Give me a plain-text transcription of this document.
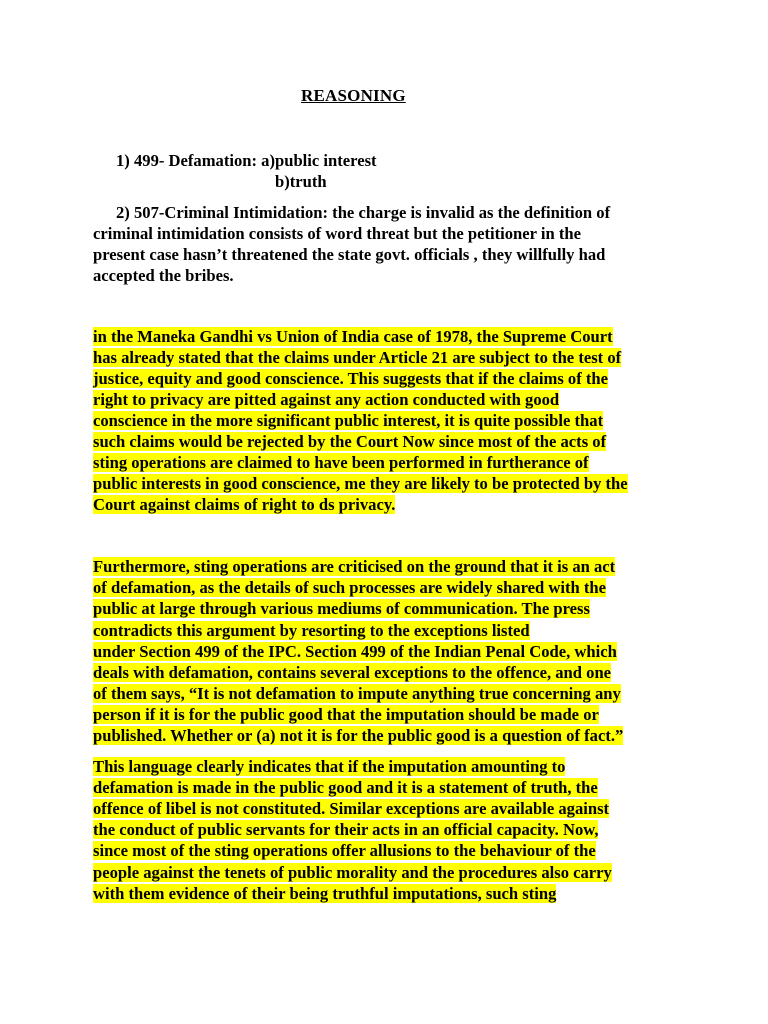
REASONING
1) 499- Defamation: a)public interest
b)truth
2) 507-Criminal Intimidation: the charge is invalid as the definition of
criminal intimidation consists of word threat but the petitioner in the
present case hasn’t threatened the state govt. officials , they willfully had
accepted the bribes.
in the Maneka Gandhi vs Union of India case of 1978, the Supreme Court
has already stated that the claims under Article 21 are subject to the test of
justice, equity and good conscience. This suggests that if the claims of the
right to privacy are pitted against any action conducted with good
conscience in the more significant public interest, it is quite possible that
such claims would be rejected by the Court Now since most of the acts of
sting operations are claimed to have been performed in furtherance of
public interests in good conscience, me they are likely to be protected by the
Court against claims of right to ds privacy.
Furthermore, sting operations are criticised on the ground that it is an act
of defamation, as the details of such processes are widely shared with the
public at large through various mediums of communication. The press
contradicts this argument by resorting to the exceptions listed
under Section 499 of the IPC. Section 499 of the Indian Penal Code, which
deals with defamation, contains several exceptions to the offence, and one
of them says, “It is not defamation to impute anything true concerning any
person if it is for the public good that the imputation should be made or
published. Whether or (a) not it is for the public good is a question of fact.”
This language clearly indicates that if the imputation amounting to
defamation is made in the public good and it is a statement of truth, the
offence of libel is not constituted. Similar exceptions are available against
the conduct of public servants for their acts in an official capacity. Now,
since most of the sting operations offer allusions to the behaviour of the
people against the tenets of public morality and the procedures also carry
with them evidence of their being truthful imputations, such sting
